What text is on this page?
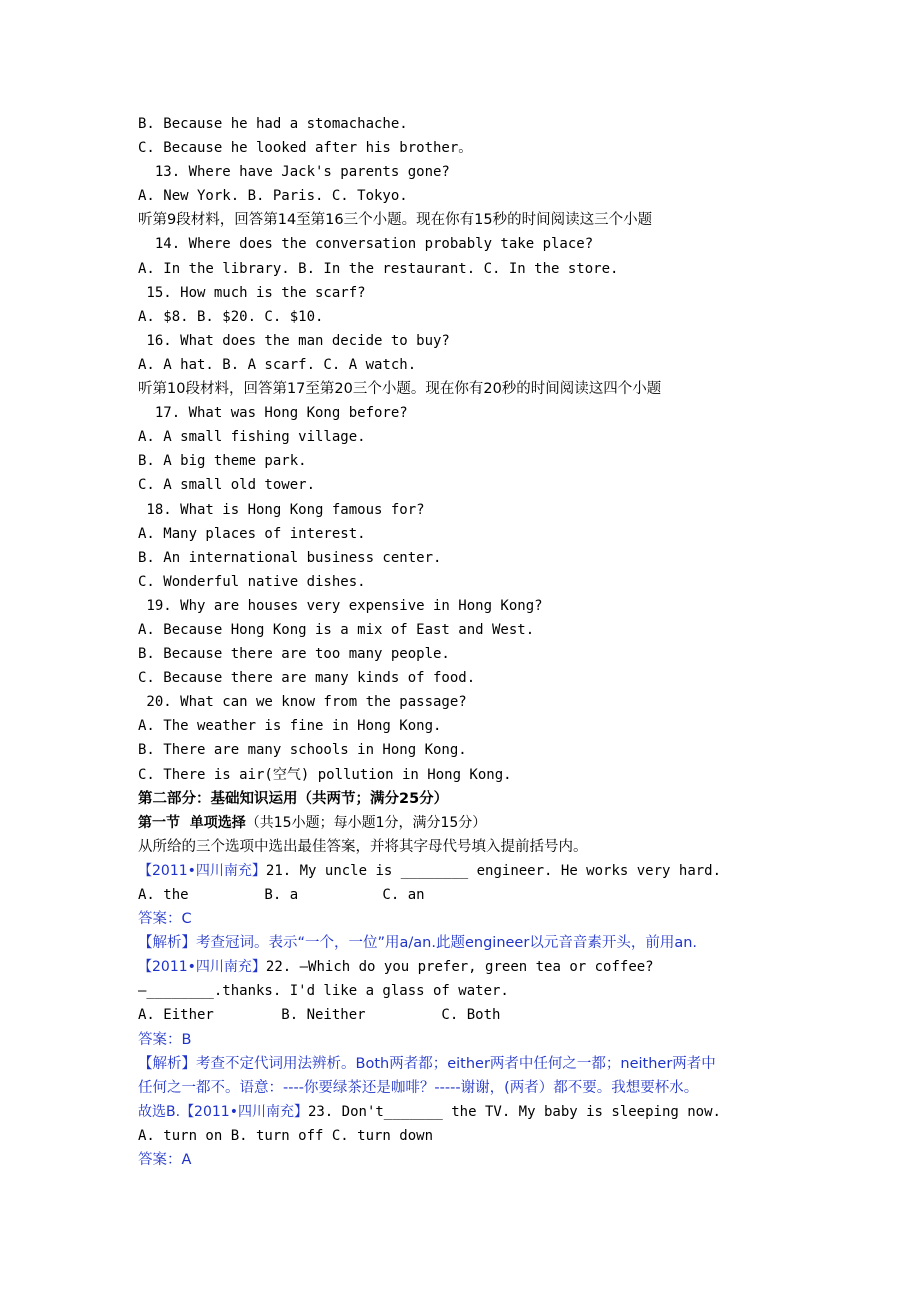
B. Because he had a stomachache.
C. Because he looked after his brother。
13. Where have Jack's parents gone?
A. New York. B. Paris. C. Tokyo.
听第9段材料，回答第14至第16三个小题。现在你有15秒的时间阅读这三个小题
14. Where does the conversation probably take place?
A. In the library. B. In the restaurant. C. In the store.
15. How much is the scarf?
A. $8. B. $20. C. $10.
16. What does the man decide to buy?
A. A hat. B. A scarf. C. A watch.
听第10段材料，回答第17至第20三个小题。现在你有20秒的时间阅读这四个小题
17. What was Hong Kong before?
A. A small fishing village.
B. A big theme park.
C. A small old tower.
18. What is Hong Kong famous for?
A. Many places of interest.
B. An international business center.
C. Wonderful native dishes.
19. Why are houses very expensive in Hong Kong?
A. Because Hong Kong is a mix of East and West.
B. Because there are too many people.
C. Because there are many kinds of food.
20. What can we know from the passage?
A. The weather is fine in Hong Kong.
B. There are many schools in Hong Kong.
C. There is air(空气) pollution in Hong Kong.
第二部分：基础知识运用（共两节；满分25分）
第一节  单项选择（共15小题；每小题1分，满分15分）
从所给的三个选项中选出最佳答案，并将其字母代号填入提前括号内。
【2011•四川南充】21. My uncle is ________ engineer. He works very hard.
A. the         B. a          C. an
答案：C
【解析】考查冠词。表示“一个，一位”用a/an.此题engineer以元音音素开头，前用an.
【2011•四川南充】22. —Which do you prefer, green tea or coffee?
—________.thanks. I'd like a glass of water.
A. Either        B. Neither         C. Both
答案：B
【解析】考查不定代词用法辨析。Both两者都；either两者中任何之一都；neither两者中
任何之一都不。语意：----你要绿茶还是咖啡？-----谢谢，(两者）都不要。我想要杯水。
故选B.【2011•四川南充】23. Don't_______ the TV. My baby is sleeping now.
A. turn on B. turn off C. turn down
答案：A
